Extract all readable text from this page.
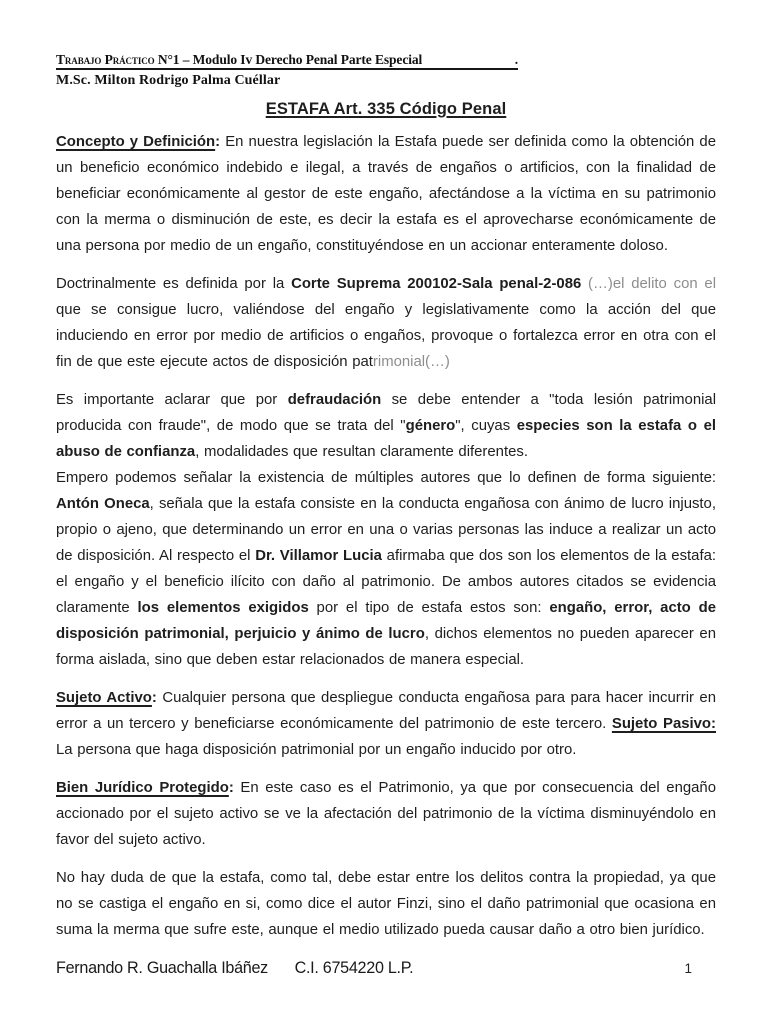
Trabajo Práctico N°1 – Modulo Iv Derecho Penal Parte Especial	.
M.Sc. Milton Rodrigo Palma Cuéllar
ESTAFA Art. 335 Código Penal

Concepto y Definición: En nuestra legislación la Estafa puede ser definida como la obtención de un beneficio económico indebido e ilegal, a través de engaños o artificios, con la finalidad de beneficiar económicamente al gestor de este engaño, afectándose a la víctima en su patrimonio con la merma o disminución de este, es decir la estafa es el aprovecharse económicamente de una persona por medio de un engaño, constituyéndose en un accionar enteramente doloso.

Doctrinalmente es definida por la Corte Suprema 200102-Sala penal-2-086 (…)el delito con el que se consigue lucro, valiéndose del engaño y legislativamente como la acción del que induciendo en error por medio de artificios o engaños, provoque o fortalezca error en otra con el fin de que este ejecute actos de disposición patrimonial(…)

Es importante aclarar que por defraudación se debe entender a "toda lesión patrimonial producida con fraude", de modo que se trata del "género", cuyas especies son la estafa o el abuso de confianza, modalidades que resultan claramente diferentes.

Empero podemos señalar la existencia de múltiples autores que lo definen de forma siguiente: Antón Oneca, señala que la estafa consiste en la conducta engañosa con ánimo de lucro injusto, propio o ajeno, que determinando un error en una o varias personas las induce a realizar un acto de disposición. Al respecto el Dr. Villamor Lucia afirmaba que dos son los elementos de la estafa: el engaño y el beneficio ilícito con daño al patrimonio. De ambos autores citados se evidencia claramente los elementos exigidos por el tipo de estafa estos son: engaño, error, acto de disposición patrimonial, perjuicio y ánimo de lucro, dichos elementos no pueden aparecer en forma aislada, sino que deben estar relacionados de manera especial.

Sujeto Activo: Cualquier persona que despliegue conducta engañosa para para hacer incurrir en error a un tercero y beneficiarse económicamente del patrimonio de este tercero. Sujeto Pasivo: La persona que haga disposición patrimonial por un engaño inducido por otro.

Bien Jurídico Protegido: En este caso es el Patrimonio, ya que por consecuencia del engaño accionado por el sujeto activo se ve la afectación del patrimonio de la víctima disminuyéndolo en favor del sujeto activo.

No hay duda de que la estafa, como tal, debe estar entre los delitos contra la propiedad, ya que no se castiga el engaño en si, como dice el autor Finzi, sino el daño patrimonial que ocasiona en suma la merma que sufre este, aunque el medio utilizado pueda causar daño a otro bien jurídico.

Fernando R. Guachalla Ibáñez C.I. 6754220 L.P.	1
